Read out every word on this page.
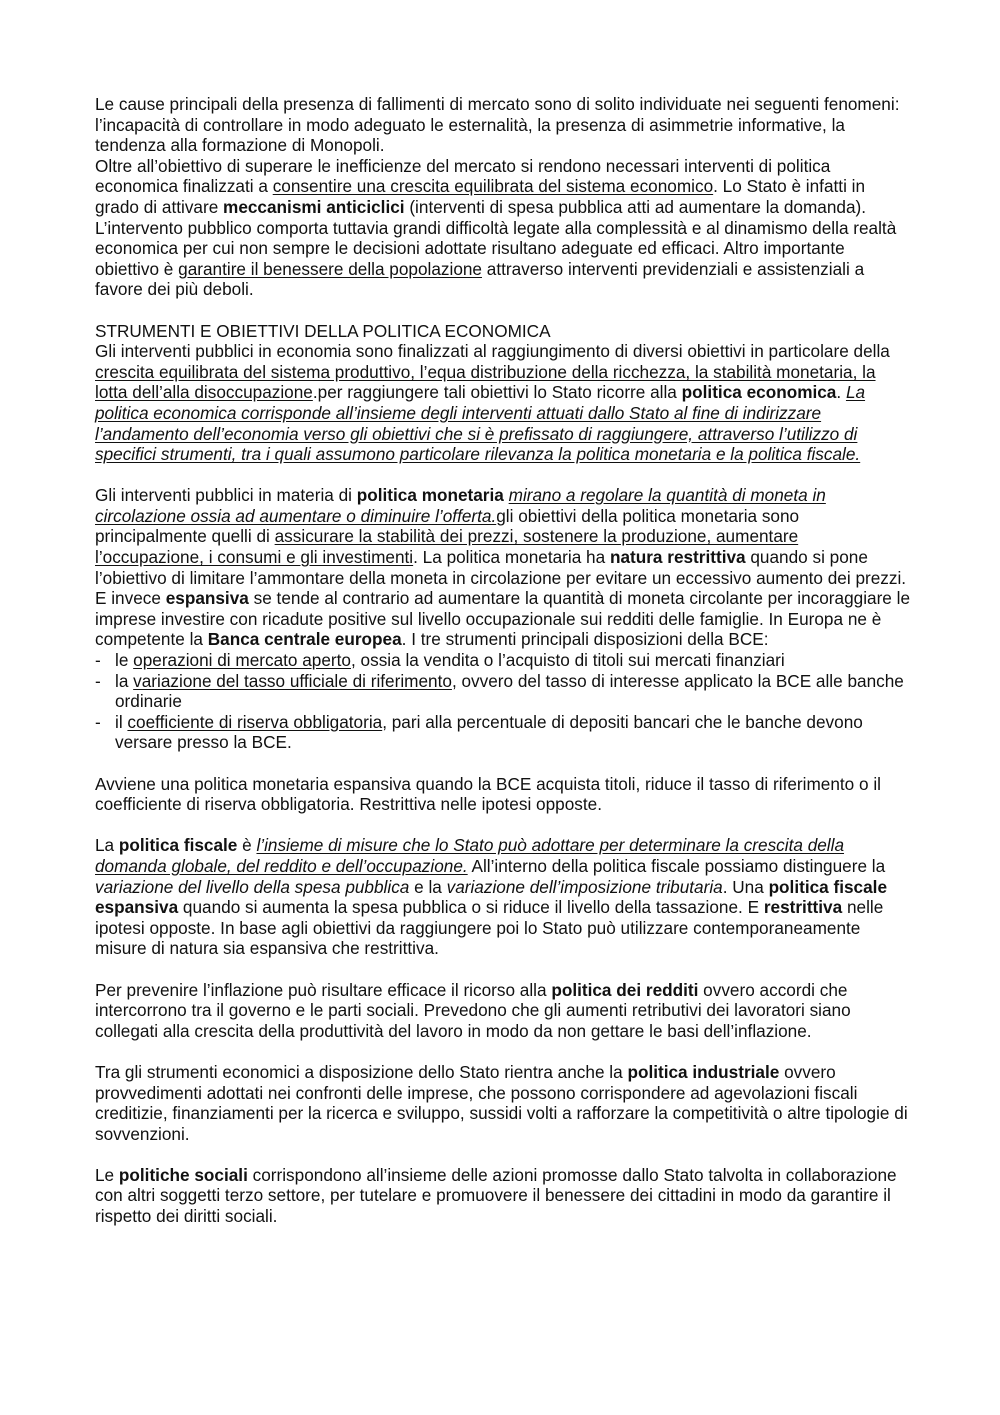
Le cause principali della presenza di fallimenti di mercato sono di solito individuate nei seguenti fenomeni: l’incapacità di controllare in modo adeguato le esternalità, la presenza di asimmetrie informative, la tendenza alla formazione di Monopoli.

Oltre all’obiettivo di superare le inefficienze del mercato si rendono necessari interventi di politica economica finalizzati a consentire una crescita equilibrata del sistema economico. Lo Stato è infatti in grado di attivare meccanismi anticiclici (interventi di spesa pubblica atti ad aumentare la domanda). L’intervento pubblico comporta tuttavia grandi difficoltà legate alla complessità e al dinamismo della realtà economica per cui non sempre le decisioni adottate risultano adeguate ed efficaci. Altro importante obiettivo è garantire il benessere della popolazione attraverso interventi previdenziali e assistenziali a favore dei più deboli.

STRUMENTI E OBIETTIVI DELLA POLITICA ECONOMICA

Gli interventi pubblici in economia sono finalizzati al raggiungimento di diversi obiettivi in particolare della crescita equilibrata del sistema produttivo, l’equa distribuzione della ricchezza, la stabilità monetaria, la lotta dell’alla disoccupazione.per raggiungere tali obiettivi lo Stato ricorre alla politica economica. La politica economica corrisponde all’insieme degli interventi attuati dallo Stato al fine di indirizzare l’andamento dell’economia verso gli obiettivi che si è prefissato di raggiungere, attraverso l’utilizzo di specifici strumenti, tra i quali assumono particolare rilevanza la politica monetaria e la politica fiscale.

Gli interventi pubblici in materia di politica monetaria mirano a regolare la quantità di moneta in circolazione ossia ad aumentare o diminuire l’offerta.gli obiettivi della politica monetaria sono principalmente quelli di assicurare la stabilità dei prezzi, sostenere la produzione, aumentare l’occupazione, i consumi e gli investimenti. La politica monetaria ha natura restrittiva quando si pone l’obiettivo di limitare l’ammontare della moneta in circolazione per evitare un eccessivo aumento dei prezzi. E invece espansiva se tende al contrario ad aumentare la quantità di moneta circolante per incoraggiare le imprese investire con ricadute positive sul livello occupazionale sui redditi delle famiglie. In Europa ne è competente la Banca centrale europea. I tre strumenti principali disposizioni della BCE:

- le operazioni di mercato aperto, ossia la vendita o l’acquisto di titoli sui mercati finanziari
- la variazione del tasso ufficiale di riferimento, ovvero del tasso di interesse applicato la BCE alle banche ordinarie
- il coefficiente di riserva obbligatoria, pari alla percentuale di depositi bancari che le banche devono versare presso la BCE.

Avviene una politica monetaria espansiva quando la BCE acquista titoli, riduce il tasso di riferimento o il coefficiente di riserva obbligatoria. Restrittiva nelle ipotesi opposte.

La politica fiscale è l’insieme di misure che lo Stato può adottare per determinare la crescita della domanda globale, del reddito e dell’occupazione. All’interno della politica fiscale possiamo distinguere la variazione del livello della spesa pubblica e la variazione dell’imposizione tributaria. Una politica fiscale espansiva quando si aumenta la spesa pubblica o si riduce il livello della tassazione. E restrittiva nelle ipotesi opposte. In base agli obiettivi da raggiungere poi lo Stato può utilizzare contemporaneamente misure di natura sia espansiva che restrittiva.

Per prevenire l’inflazione può risultare efficace il ricorso alla politica dei redditi ovvero accordi che intercorrono tra il governo e le parti sociali. Prevedono che gli aumenti retributivi dei lavoratori siano collegati alla crescita della produttività del lavoro in modo da non gettare le basi dell’inflazione.

Tra gli strumenti economici a disposizione dello Stato rientra anche la politica industriale ovvero provvedimenti adottati nei confronti delle imprese, che possono corrispondere ad agevolazioni fiscali creditizie, finanziamenti per la ricerca e sviluppo, sussidi volti a rafforzare la competitività o altre tipologie di sovvenzioni.

Le politiche sociali corrispondono all’insieme delle azioni promosse dallo Stato talvolta in collaborazione con altri soggetti terzo settore, per tutelare e promuovere il benessere dei cittadini in modo da garantire il rispetto dei diritti sociali.
